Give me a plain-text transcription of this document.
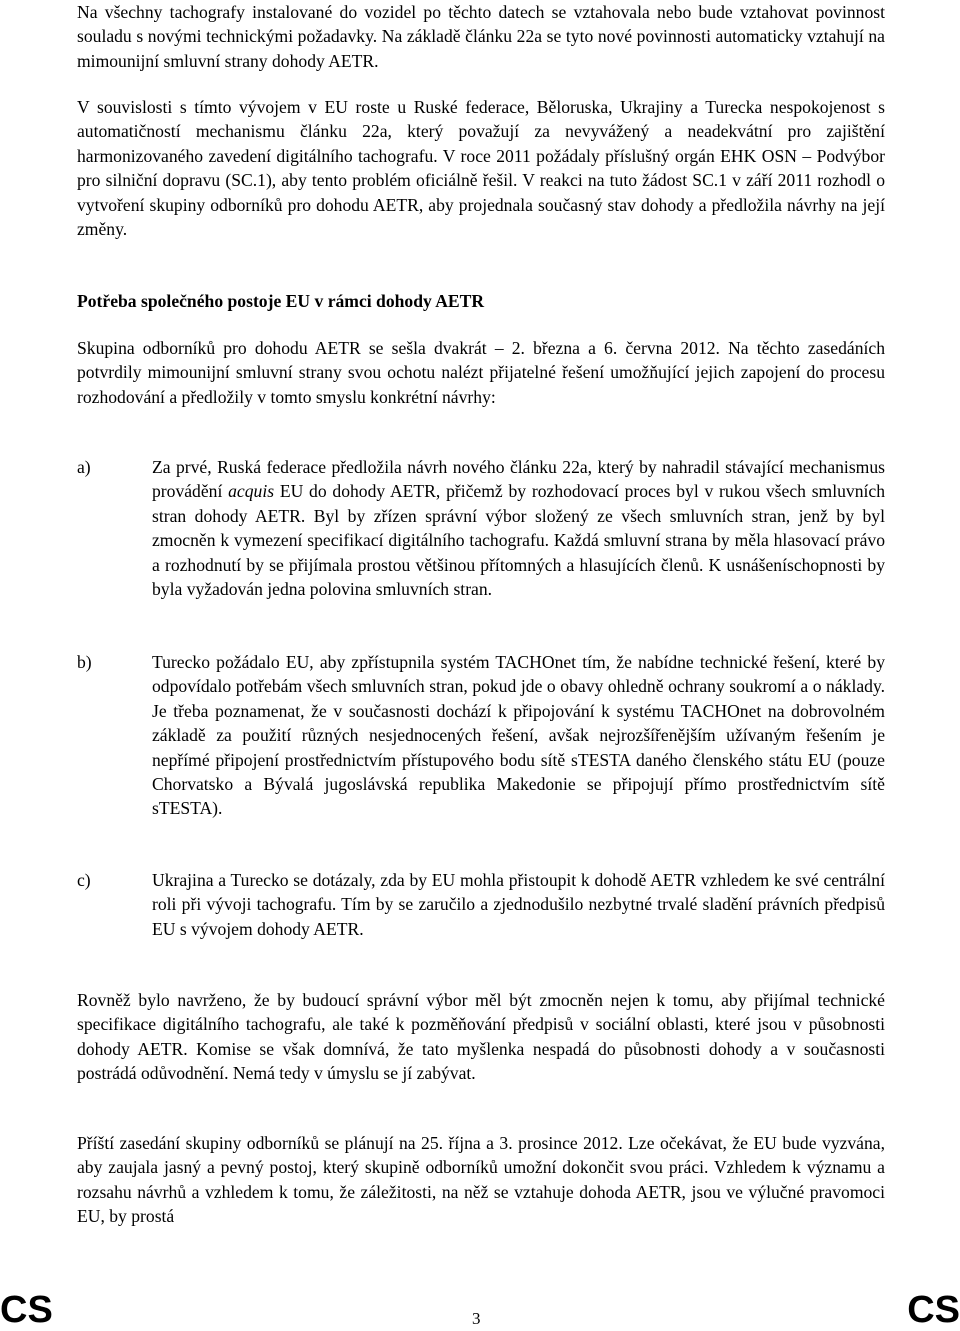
Na všechny tachografy instalované do vozidel po těchto datech se vztahovala nebo bude vztahovat povinnost souladu s novými technickými požadavky. Na základě článku 22a se tyto nové povinnosti automaticky vztahují na mimounijní smluvní strany dohody AETR.

V souvislosti s tímto vývojem v EU roste u Ruské federace, Běloruska, Ukrajiny a Turecka nespokojenost s automatičností mechanismu článku 22a, který považují za nevyvážený a neadekvátní pro zajištění harmonizovaného zavedení digitálního tachografu. V roce 2011 požádaly příslušný orgán EHK OSN – Podvýbor pro silniční dopravu (SC.1), aby tento problém oficiálně řešil. V reakci na tuto žádost SC.1 v září 2011 rozhodl o vytvoření skupiny odborníků pro dohodu AETR, aby projednala současný stav dohody a předložila návrhy na její změny.

Potřeba společného postoje EU v rámci dohody AETR

Skupina odborníků pro dohodu AETR se sešla dvakrát – 2. března a 6. června 2012. Na těchto zasedáních potvrdily mimounijní smluvní strany svou ochotu nalézt přijatelné řešení umožňující jejich zapojení do procesu rozhodování a předložily v tomto smyslu konkrétní návrhy:

a)	Za prvé, Ruská federace předložila návrh nového článku 22a, který by nahradil stávající mechanismus provádění acquis EU do dohody AETR, přičemž by rozhodovací proces byl v rukou všech smluvních stran dohody AETR. Byl by zřízen správní výbor složený ze všech smluvních stran, jenž by byl zmocněn k vymezení specifikací digitálního tachografu. Každá smluvní strana by měla hlasovací právo a rozhodnutí by se přijímala prostou většinou přítomných a hlasujících členů. K usnášeníschopnosti by byla vyžadován jedna polovina smluvních stran.

b)	Turecko požádalo EU, aby zpřístupnila systém TACHOnet tím, že nabídne technické řešení, které by odpovídalo potřebám všech smluvních stran, pokud jde o obavy ohledně ochrany soukromí a o náklady. Je třeba poznamenat, že v současnosti dochází k připojování k systému TACHOnet na dobrovolném základě za použití různých nesjednocených řešení, avšak nejrozšířenějším užívaným řešením je nepřímé připojení prostřednictvím přístupového bodu sítě sTESTA daného členského státu EU (pouze Chorvatsko a Bývalá jugoslávská republika Makedonie se připojují přímo prostřednictvím sítě sTESTA).

c)	Ukrajina a Turecko se dotázaly, zda by EU mohla přistoupit k dohodě AETR vzhledem ke své centrální roli při vývoji tachografu. Tím by se zaručilo a zjednodušilo nezbytné trvalé sladění právních předpisů EU s vývojem dohody AETR.

Rovněž bylo navrženo, že by budoucí správní výbor měl být zmocněn nejen k tomu, aby přijímal technické specifikace digitálního tachografu, ale také k pozměňování předpisů v sociální oblasti, které jsou v působnosti dohody AETR. Komise se však domnívá, že tato myšlenka nespadá do působnosti dohody a v současnosti postrádá odůvodnění. Nemá tedy v úmyslu se jí zabývat.

Příští zasedání skupiny odborníků se plánují na 25. října a 3. prosince 2012. Lze očekávat, že EU bude vyzvána, aby zaujala jasný a pevný postoj, který skupině odborníků umožní dokončit svou práci. Vzhledem k významu a rozsahu návrhů a vzhledem k tomu, že záležitosti, na něž se vztahuje dohoda AETR, jsou ve výlučné pravomoci EU, by prostá

CS	3	CS
